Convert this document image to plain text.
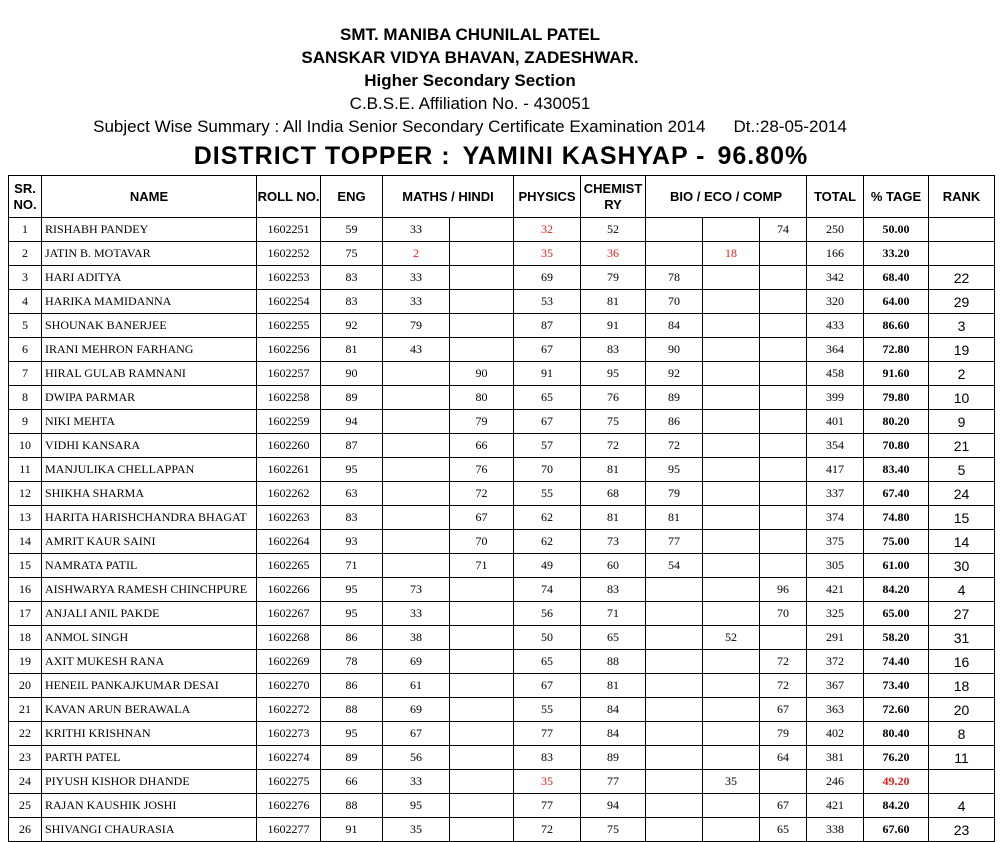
SMT. MANIBA CHUNILAL PATEL
SANSKAR VIDYA BHAVAN, ZADESHWAR.
Higher Secondary Section
C.B.S.E. Affiliation No. - 430051
Subject Wise Summary : All India Senior Secondary Certificate Examination 2014 Dt.:28-05-2014
DISTRICT TOPPER : YAMINI KASHYAP - 96.80%
SR. NO.	NAME	ROLL NO.	ENG	MATHS / HINDI		PHYSICS	CHEMISTRY	BIO / ECO / COMP			TOTAL	% TAGE	RANK
1	RISHABH PANDEY	1602251	59	33		32	52			74	250	50.00	
2	JATIN B. MOTAVAR	1602252	75	2		35	36		18		166	33.20	
3	HARI ADITYA	1602253	83	33		69	79	78			342	68.40	22
4	HARIKA MAMIDANNA	1602254	83	33		53	81	70			320	64.00	29
5	SHOUNAK BANERJEE	1602255	92	79		87	91	84			433	86.60	3
6	IRANI MEHRON FARHANG	1602256	81	43		67	83	90			364	72.80	19
7	HIRAL GULAB RAMNANI	1602257	90		90	91	95	92			458	91.60	2
8	DWIPA PARMAR	1602258	89		80	65	76	89			399	79.80	10
9	NIKI MEHTA	1602259	94		79	67	75	86			401	80.20	9
10	VIDHI KANSARA	1602260	87		66	57	72	72			354	70.80	21
11	MANJULIKA CHELLAPPAN	1602261	95		76	70	81	95			417	83.40	5
12	SHIKHA SHARMA	1602262	63		72	55	68	79			337	67.40	24
13	HARITA HARISHCHANDRA BHAGAT	1602263	83		67	62	81	81			374	74.80	15
14	AMRIT KAUR SAINI	1602264	93		70	62	73	77			375	75.00	14
15	NAMRATA PATIL	1602265	71		71	49	60	54			305	61.00	30
16	AISHWARYA RAMESH CHINCHPURE	1602266	95	73		74	83			96	421	84.20	4
17	ANJALI ANIL PAKDE	1602267	95	33		56	71			70	325	65.00	27
18	ANMOL SINGH	1602268	86	38		50	65		52		291	58.20	31
19	AXIT MUKESH RANA	1602269	78	69		65	88			72	372	74.40	16
20	HENEIL PANKAJKUMAR DESAI	1602270	86	61		67	81			72	367	73.40	18
21	KAVAN ARUN BERAWALA	1602272	88	69		55	84			67	363	72.60	20
22	KRITHI KRISHNAN	1602273	95	67		77	84			79	402	80.40	8
23	PARTH PATEL	1602274	89	56		83	89			64	381	76.20	11
24	PIYUSH KISHOR DHANDE	1602275	66	33		35	77		35		246	49.20	
25	RAJAN KAUSHIK JOSHI	1602276	88	95		77	94			67	421	84.20	4
26	SHIVANGI CHAURASIA	1602277	91	35		72	75			65	338	67.60	23
